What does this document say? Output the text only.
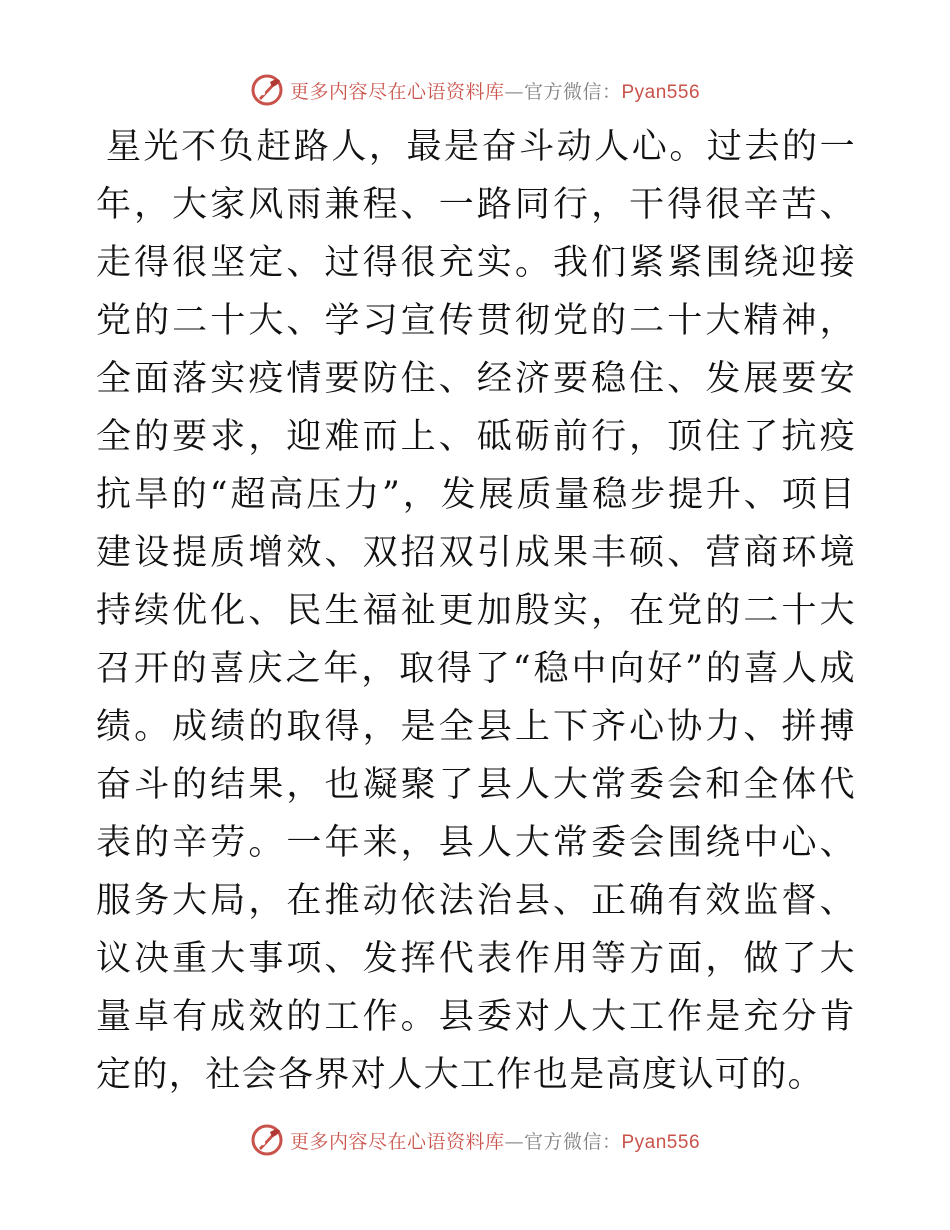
更多内容尽在心语资料库—官方微信：Pyan556

星光不负赶路人，最是奋斗动人心。过去的一年，大家风雨兼程、一路同行，干得很辛苦、走得很坚定、过得很充实。我们紧紧围绕迎接党的二十大、学习宣传贯彻党的二十大精神，全面落实疫情要防住、经济要稳住、发展要安全的要求，迎难而上、砥砺前行，顶住了抗疫抗旱的“超高压力”，发展质量稳步提升、项目建设提质增效、双招双引成果丰硕、营商环境持续优化、民生福祉更加殷实，在党的二十大召开的喜庆之年，取得了“稳中向好”的喜人成绩。成绩的取得，是全县上下齐心协力、拼搏奋斗的结果，也凝聚了县人大常委会和全体代表的辛劳。一年来，县人大常委会围绕中心、服务大局，在推动依法治县、正确有效监督、议决重大事项、发挥代表作用等方面，做了大量卓有成效的工作。县委对人大工作是充分肯定的，社会各界对人大工作也是高度认可的。

更多内容尽在心语资料库—官方微信：Pyan556
